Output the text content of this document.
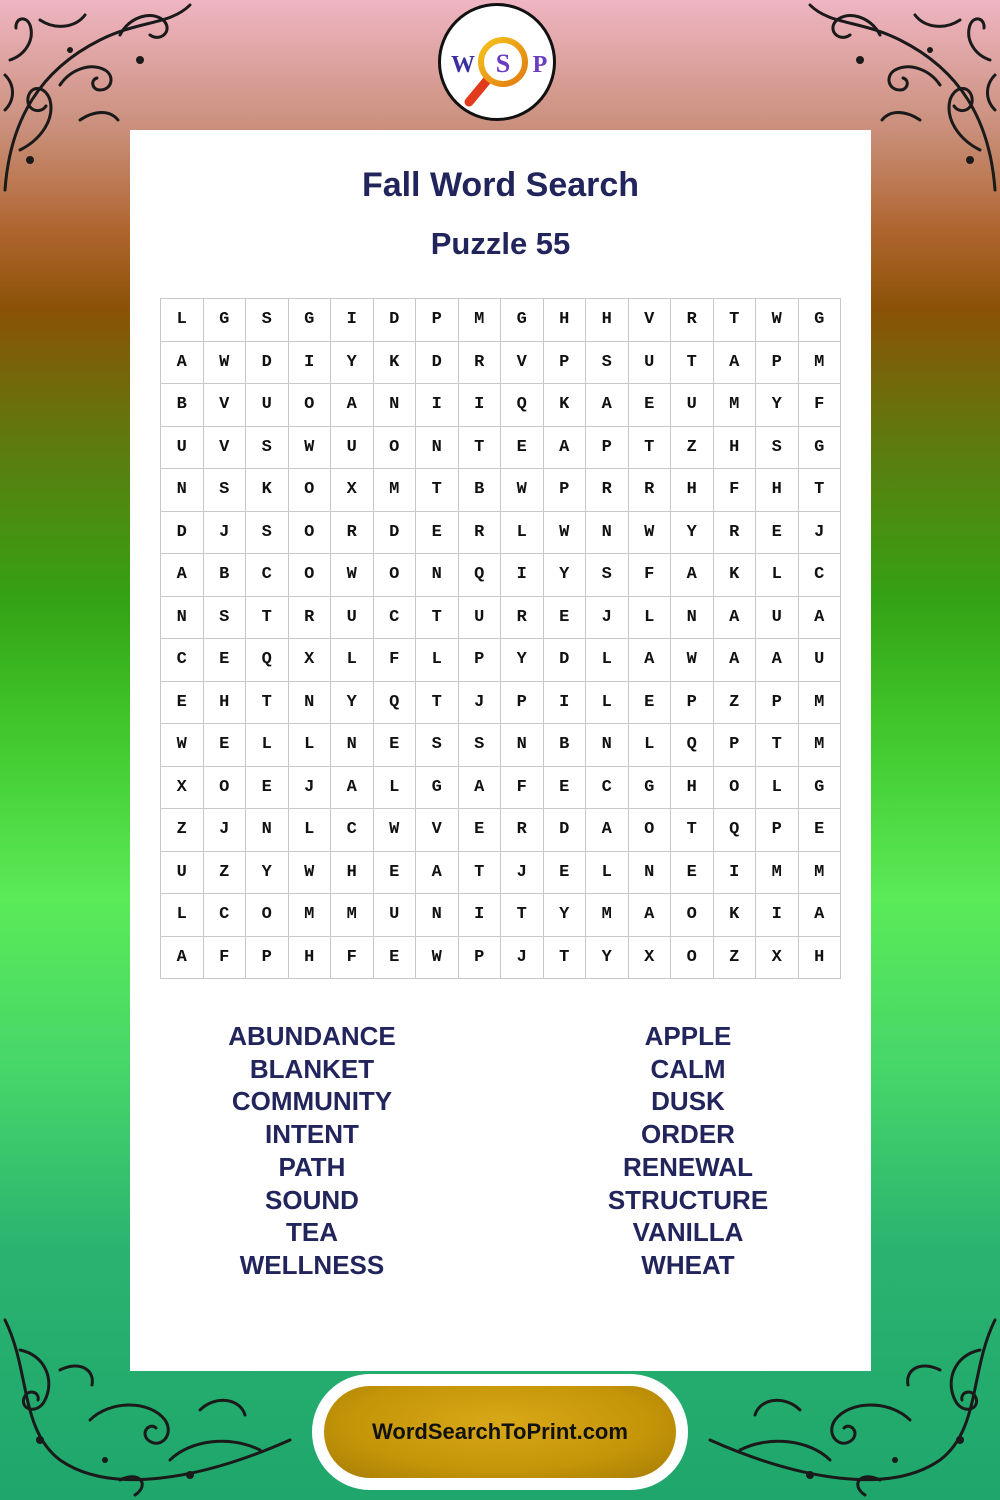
W S P
Fall Word Search
Puzzle 55
L	G	S	G	I	D	P	M	G	H	H	V	R	T	W	G
A	W	D	I	Y	K	D	R	V	P	S	U	T	A	P	M
B	V	U	O	A	N	I	I	Q	K	A	E	U	M	Y	F
U	V	S	W	U	O	N	T	E	A	P	T	Z	H	S	G
N	S	K	O	X	M	T	B	W	P	R	R	H	F	H	T
D	J	S	O	R	D	E	R	L	W	N	W	Y	R	E	J
A	B	C	O	W	O	N	Q	I	Y	S	F	A	K	L	C
N	S	T	R	U	C	T	U	R	E	J	L	N	A	U	A
C	E	Q	X	L	F	L	P	Y	D	L	A	W	A	A	U
E	H	T	N	Y	Q	T	J	P	I	L	E	P	Z	P	M
W	E	L	L	N	E	S	S	N	B	N	L	Q	P	T	M
X	O	E	J	A	L	G	A	F	E	C	G	H	O	L	G
Z	J	N	L	C	W	V	E	R	D	A	O	T	Q	P	E
U	Z	Y	W	H	E	A	T	J	E	L	N	E	I	M	M
L	C	O	M	M	U	N	I	T	Y	M	A	O	K	I	A
A	F	P	H	F	E	W	P	J	T	Y	X	O	Z	X	H
ABUNDANCE
BLANKET
COMMUNITY
INTENT
PATH
SOUND
TEA
WELLNESS
APPLE
CALM
DUSK
ORDER
RENEWAL
STRUCTURE
VANILLA
WHEAT
WordSearchToPrint.com
